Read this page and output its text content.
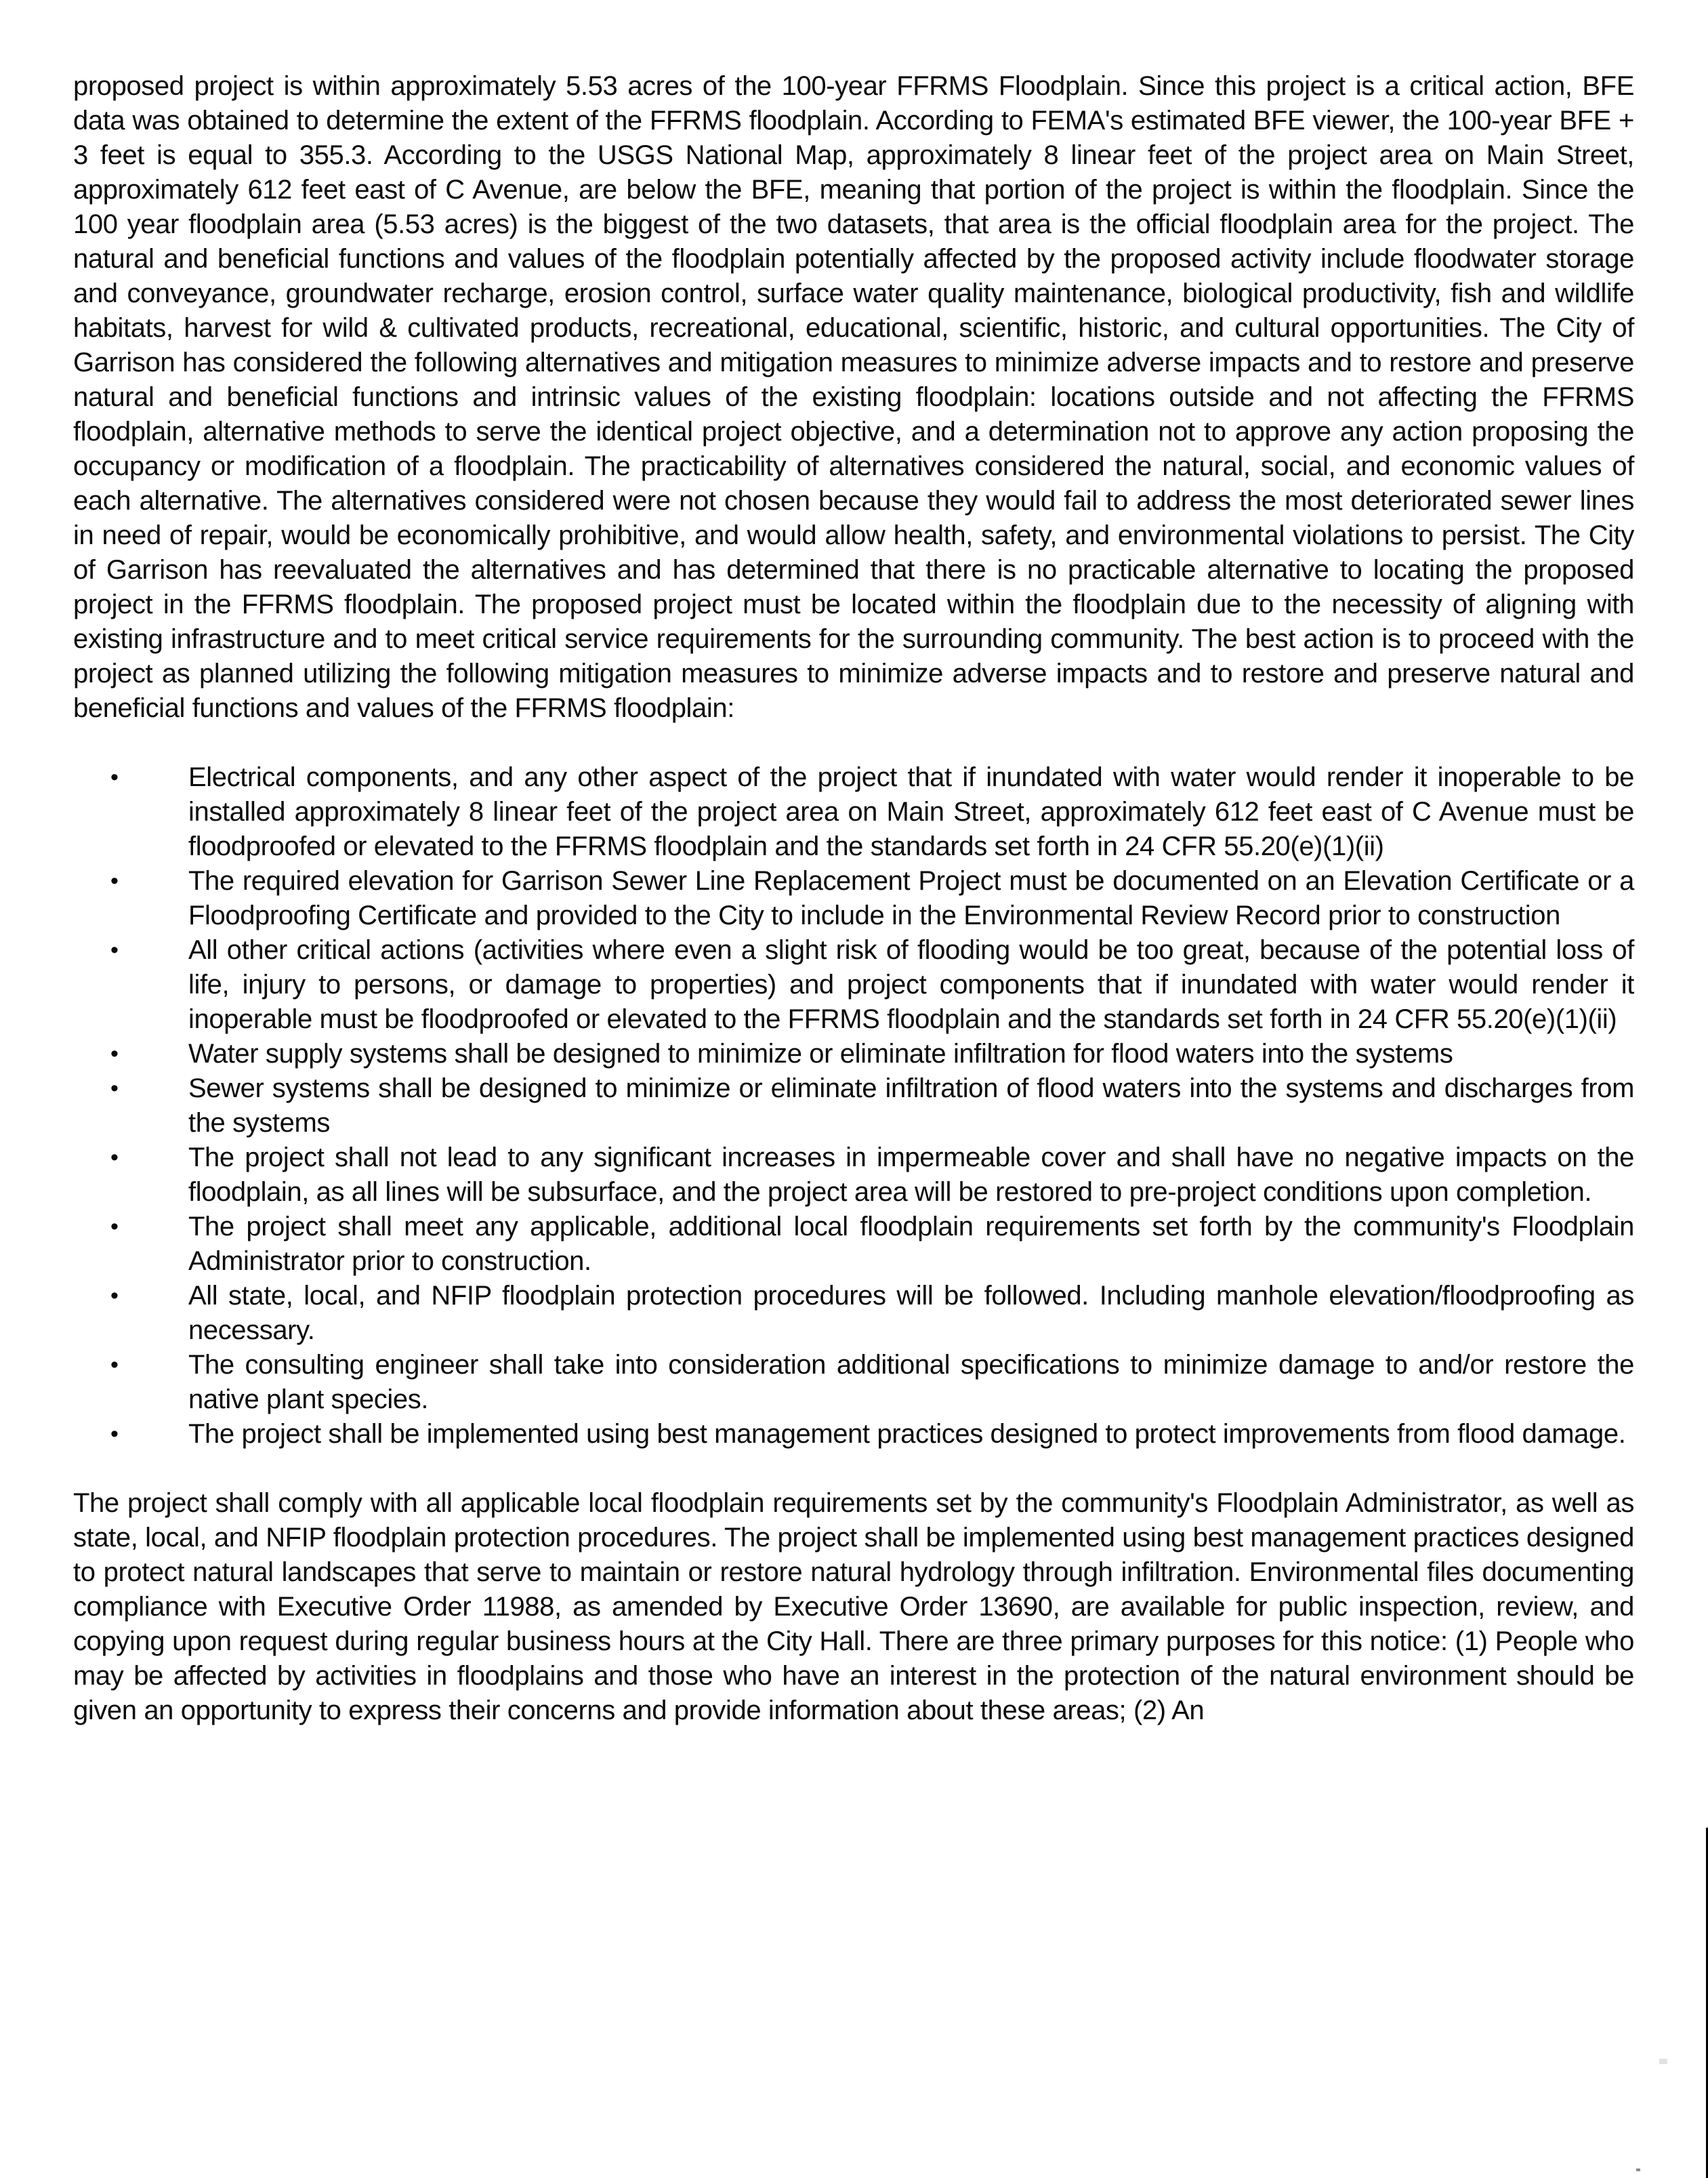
proposed project is within approximately 5.53 acres of the 100-year FFRMS Floodplain. Since this project is a critical action, BFE data was obtained to determine the extent of the FFRMS floodplain. According to FEMA's estimated BFE viewer, the 100-year BFE + 3 feet is equal to 355.3. According to the USGS National Map, approximately 8 linear feet of the project area on Main Street, approximately 612 feet east of C Avenue, are below the BFE, meaning that portion of the project is within the floodplain. Since the 100 year floodplain area (5.53 acres) is the biggest of the two datasets, that area is the official floodplain area for the project. The natural and beneficial functions and values of the floodplain potentially affected by the proposed activity include floodwater storage and conveyance, groundwater recharge, erosion control, surface water quality maintenance, biological productivity, fish and wildlife habitats, harvest for wild & cultivated products, recreational, educational, scientific, historic, and cultural opportunities. The City of Garrison has considered the following alternatives and mitigation measures to minimize adverse impacts and to restore and preserve natural and beneficial functions and intrinsic values of the existing floodplain: locations outside and not affecting the FFRMS floodplain, alternative methods to serve the identical project objective, and a determination not to approve any action proposing the occupancy or modification of a floodplain. The practicability of alternatives considered the natural, social, and economic values of each alternative. The alternatives considered were not chosen because they would fail to address the most deteriorated sewer lines in need of repair, would be economically prohibitive, and would allow health, safety, and environmental violations to persist. The City of Garrison has reevaluated the alternatives and has determined that there is no practicable alternative to locating the proposed project in the FFRMS floodplain. The proposed project must be located within the floodplain due to the necessity of aligning with existing infrastructure and to meet critical service requirements for the surrounding community. The best action is to proceed with the project as planned utilizing the following mitigation measures to minimize adverse impacts and to restore and preserve natural and beneficial functions and values of the FFRMS floodplain:

•	Electrical components, and any other aspect of the project that if inundated with water would render it inoperable to be installed approximately 8 linear feet of the project area on Main Street, approximately 612 feet east of C Avenue must be floodproofed or elevated to the FFRMS floodplain and the standards set forth in 24 CFR 55.20(e)(1)(ii)
•	The required elevation for Garrison Sewer Line Replacement Project must be documented on an Elevation Certificate or a Floodproofing Certificate and provided to the City to include in the Environmental Review Record prior to construction
•	All other critical actions (activities where even a slight risk of flooding would be too great, because of the potential loss of life, injury to persons, or damage to properties) and project components that if inundated with water would render it inoperable must be floodproofed or elevated to the FFRMS floodplain and the standards set forth in 24 CFR 55.20(e)(1)(ii)
•	Water supply systems shall be designed to minimize or eliminate infiltration for flood waters into the systems
•	Sewer systems shall be designed to minimize or eliminate infiltration of flood waters into the systems and discharges from the systems
•	The project shall not lead to any significant increases in impermeable cover and shall have no negative impacts on the floodplain, as all lines will be subsurface, and the project area will be restored to pre-project conditions upon completion.
•	The project shall meet any applicable, additional local floodplain requirements set forth by the community's Floodplain Administrator prior to construction.
•	All state, local, and NFIP floodplain protection procedures will be followed. Including manhole elevation/floodproofing as necessary.
•	The consulting engineer shall take into consideration additional specifications to minimize damage to and/or restore the native plant species.
•	The project shall be implemented using best management practices designed to protect improvements from flood damage.

The project shall comply with all applicable local floodplain requirements set by the community's Floodplain Administrator, as well as state, local, and NFIP floodplain protection procedures. The project shall be implemented using best management practices designed to protect natural landscapes that serve to maintain or restore natural hydrology through infiltration. Environmental files documenting compliance with Executive Order 11988, as amended by Executive Order 13690, are available for public inspection, review, and copying upon request during regular business hours at the City Hall. There are three primary purposes for this notice: (1) People who may be affected by activities in floodplains and those who have an interest in the protection of the natural environment should be given an opportunity to express their concerns and provide information about these areas; (2) An
